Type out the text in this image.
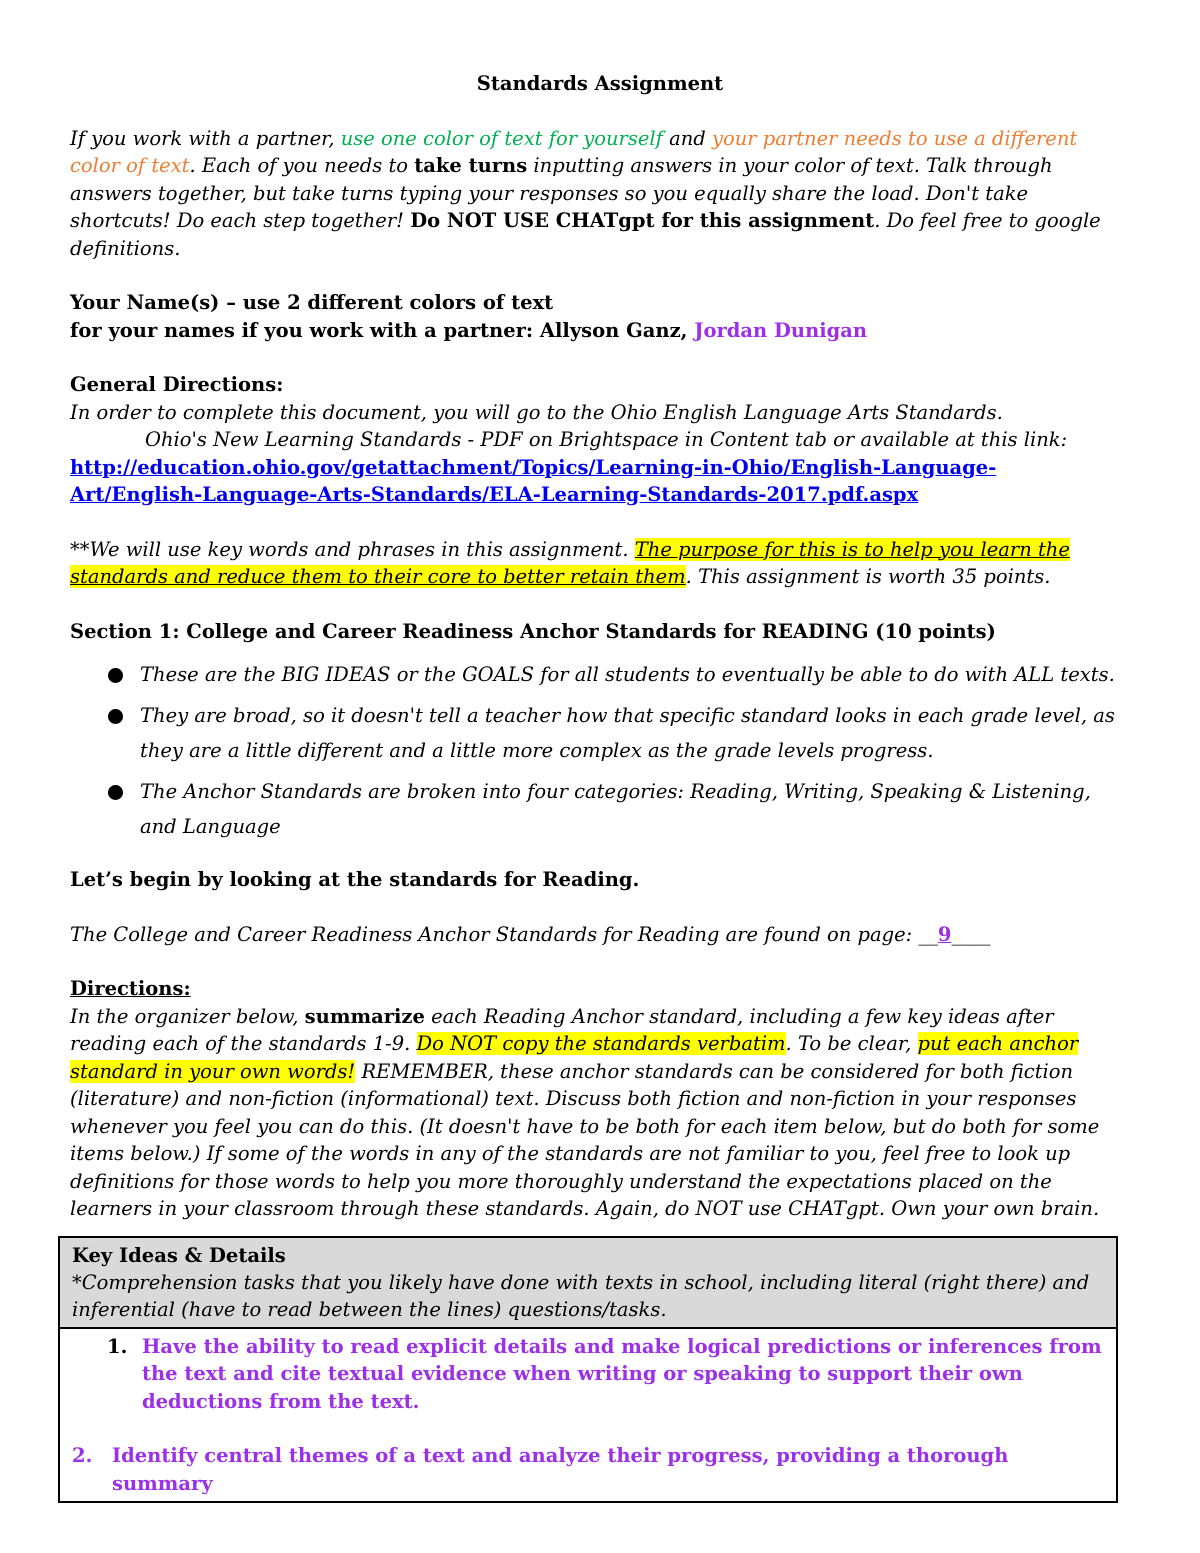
Standards Assignment

If you work with a partner, use one color of text for yourself and your partner needs to use a different color of text. Each of you needs to take turns inputting answers in your color of text. Talk through answers together, but take turns typing your responses so you equally share the load. Don't take shortcuts! Do each step together! Do NOT USE CHATgpt for this assignment. Do feel free to google definitions.

Your Name(s) – use 2 different colors of text

for your names if you work with a partner: Allyson Ganz, Jordan Dunigan

General Directions:

In order to complete this document, you will go to the Ohio English Language Arts Standards.

Ohio's New Learning Standards - PDF on Brightspace in Content tab or available at this link:

http://education.ohio.gov/getattachment/Topics/Learning-in-Ohio/English-Language-
Art/English-Language-Arts-Standards/ELA-Learning-Standards-2017.pdf.aspx

**We will use key words and phrases in this assignment. The purpose for this is to help you learn the standards and reduce them to their core to better retain them. This assignment is worth 35 points.

Section 1: College and Career Readiness Anchor Standards for READING (10 points)

These are the BIG IDEAS or the GOALS for all students to eventually be able to do with ALL texts.
They are broad, so it doesn't tell a teacher how that specific standard looks in each grade level, as they are a little different and a little more complex as the grade levels progress.
The Anchor Standards are broken into four categories: Reading, Writing, Speaking & Listening, and Language

Let’s begin by looking at the standards for Reading.

The College and Career Readiness Anchor Standards for Reading are found on page: __9____

Directions:

In the organizer below, summarize each Reading Anchor standard, including a few key ideas after reading each of the standards 1-9. Do NOT copy the standards verbatim. To be clear, put each anchor standard in your own words! REMEMBER, these anchor standards can be considered for both fiction (literature) and non-fiction (informational) text. Discuss both fiction and non-fiction in your responses whenever you feel you can do this. (It doesn't have to be both for each item below, but do both for some items below.) If some of the words in any of the standards are not familiar to you, feel free to look up definitions for those words to help you more thoroughly understand the expectations placed on the learners in your classroom through these standards. Again, do NOT use CHATgpt. Own your own brain.

Key Ideas & Details
*Comprehension tasks that you likely have done with texts in school, including literal (right there) and inferential (have to read between the lines) questions/tasks.

1. Have the ability to read explicit details and make logical predictions or inferences from the text and cite textual evidence when writing or speaking to support their own deductions from the text.
2. Identify central themes of a text and analyze their progress, providing a thorough summary
